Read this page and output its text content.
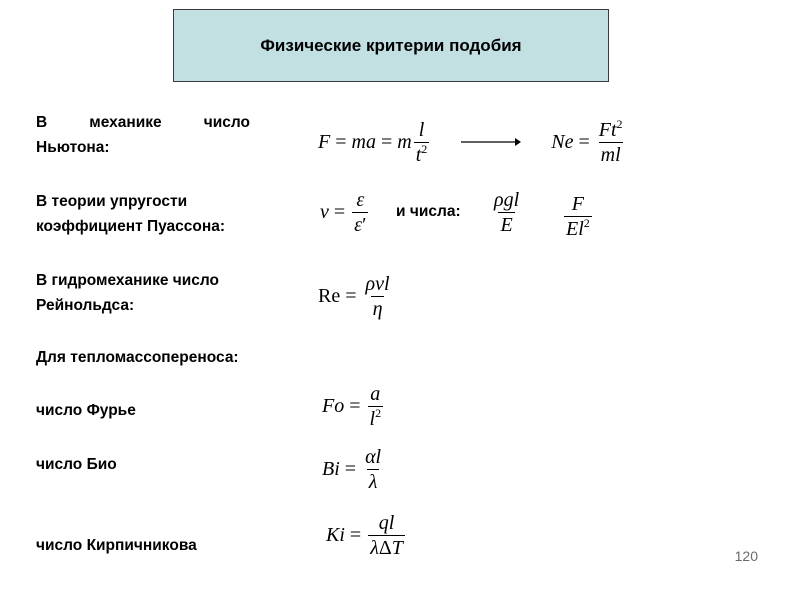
Физические критерии подобия
В механике число Ньютона:	F = ma = m $\frac{l}{t^2}$	$Ne = \frac{Ft^2}{ml}$
В теории упругости
коэффициент Пуассона:
$\nu = \frac{\varepsilon}{\varepsilon'}$ и числа: $\frac{\text{ρgl}}{E} \frac{F}{El^2}$
В гидромеханике число
Рейнольдса:	$Re = \frac{\text{ρvl}}{\eta}$
Для тепломассопереноса:
число Фурье	$Fo = \frac{a}{l^2}$
число Био	$Bi = \frac{\alpha l}{\lambda}$
число Кирпичникова	$Ki = \frac{ql}{\text{λΔT}}$	120
